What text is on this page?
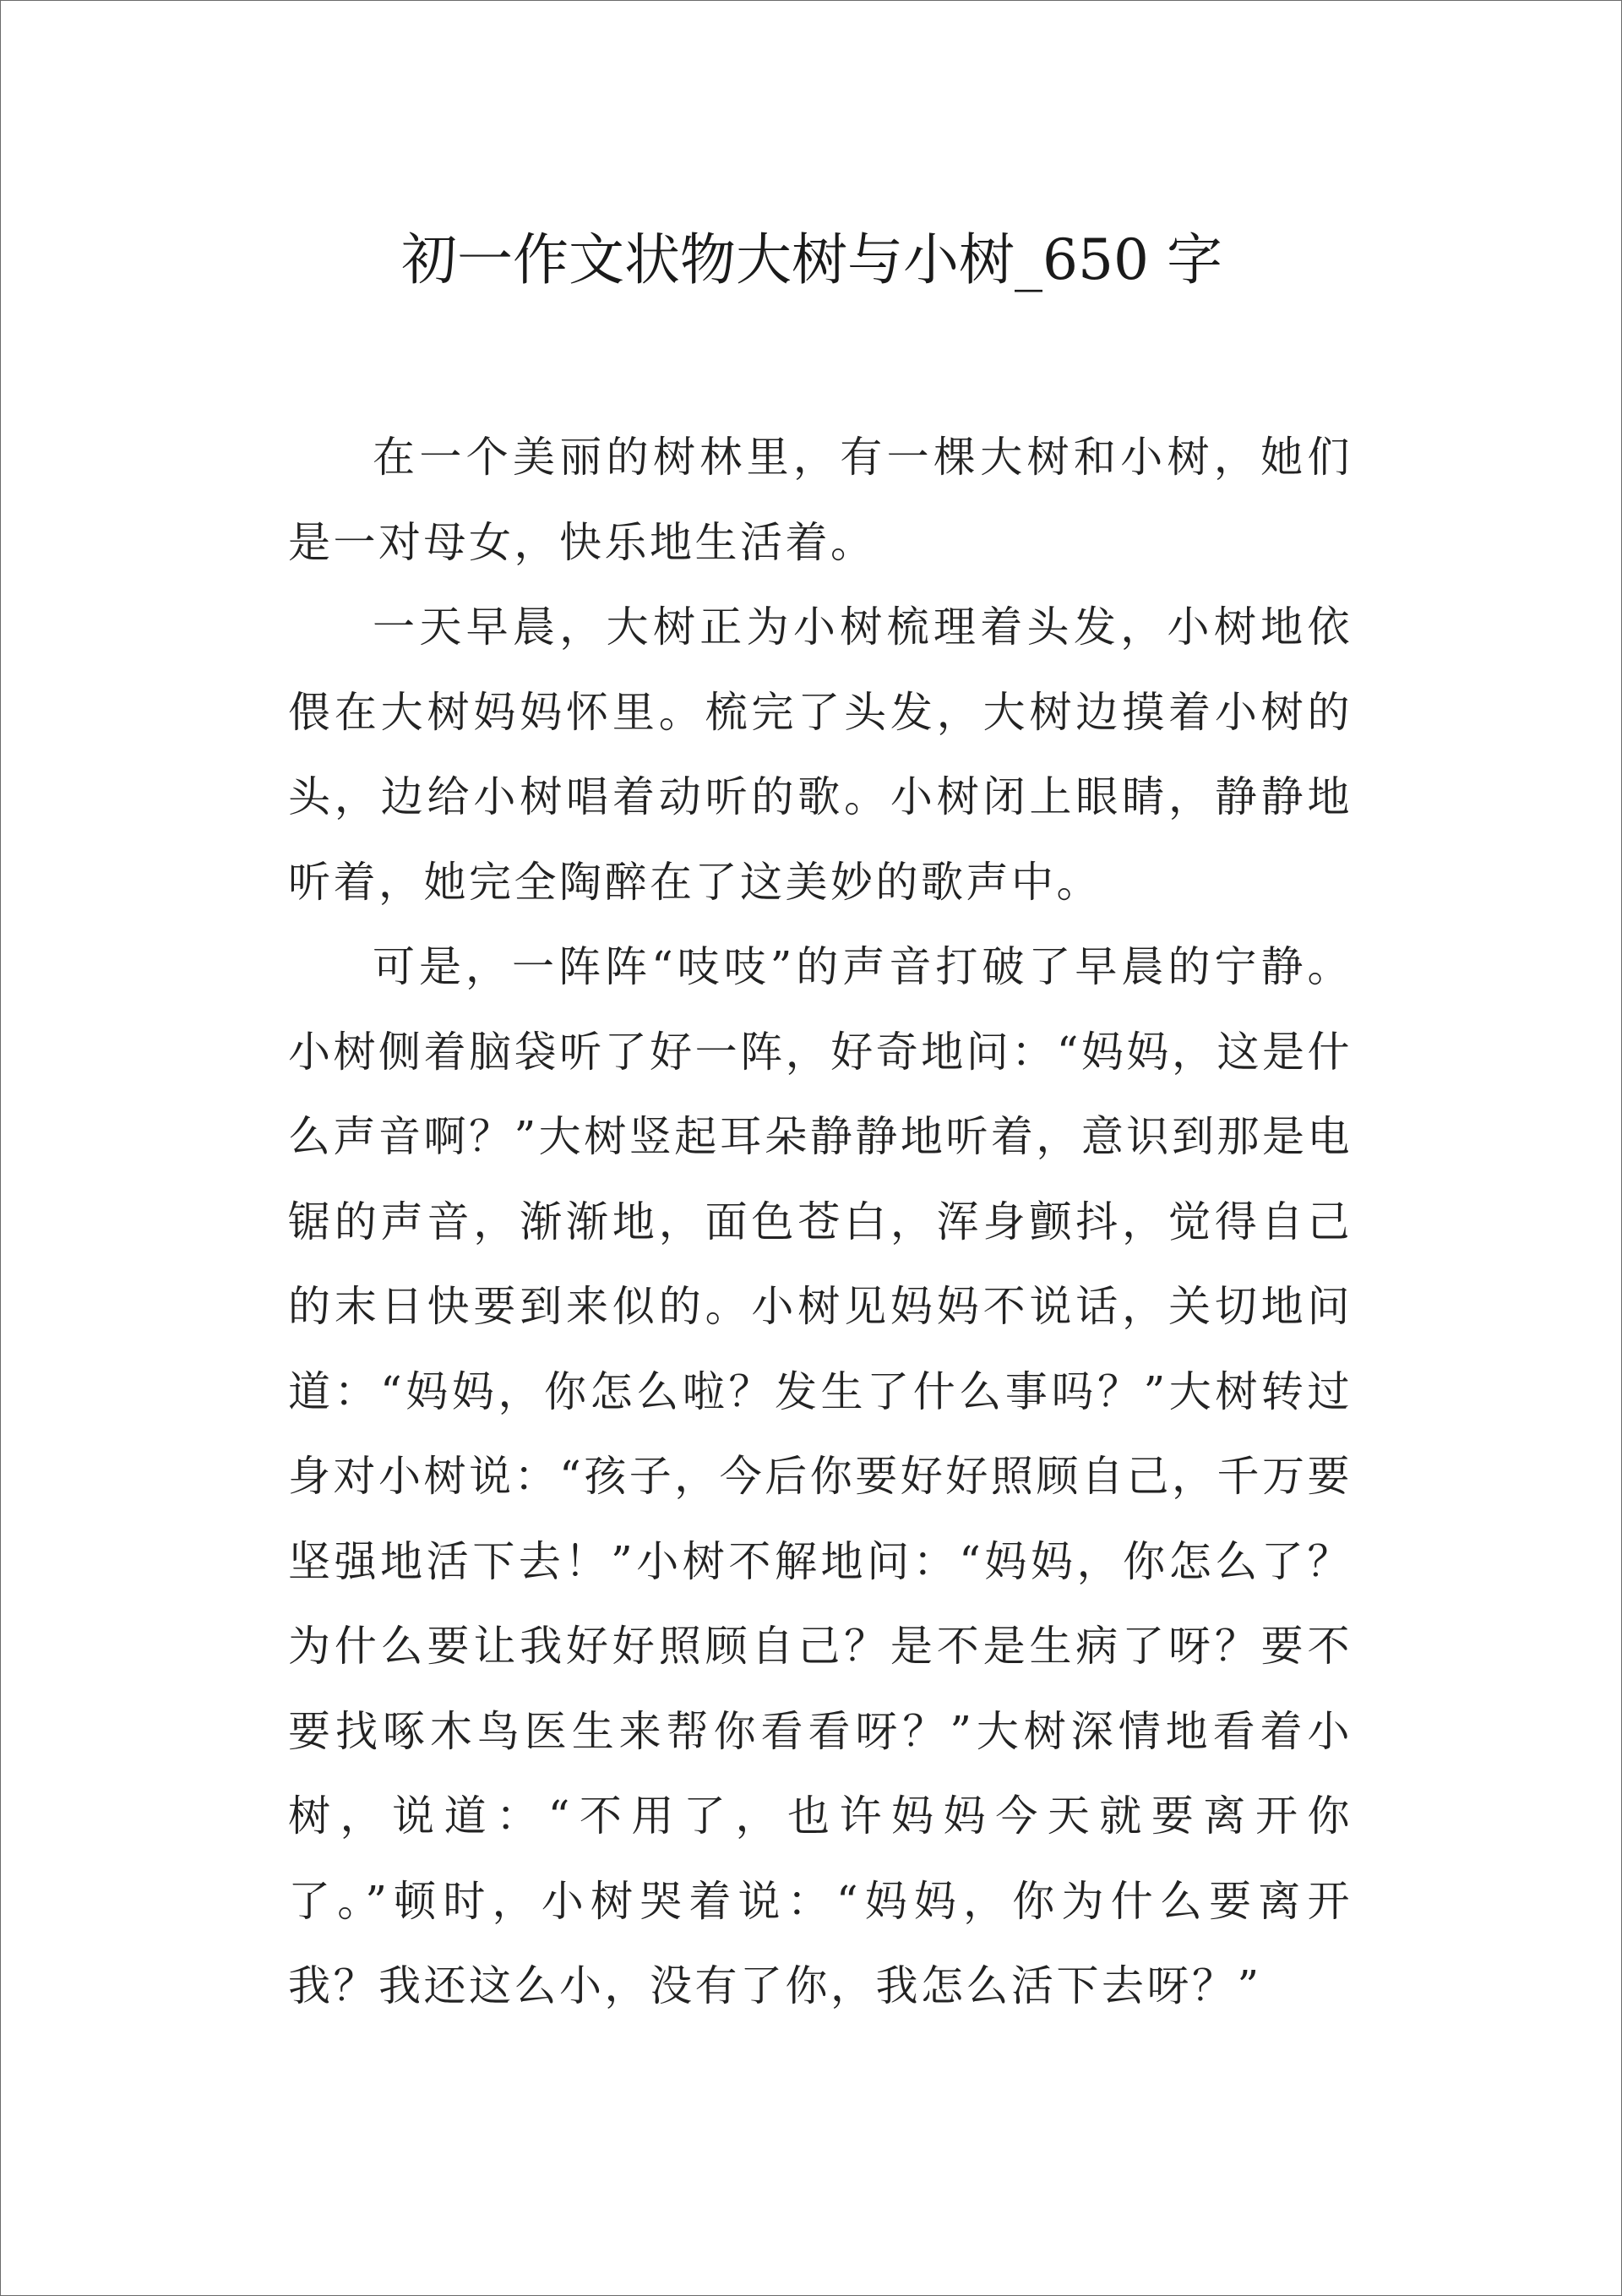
初一作文状物大树与小树_650 字

在一个美丽的树林里，有一棵大树和小树，她们是一对母女，快乐地生活着。

一天早晨，大树正为小树梳理着头发，小树地依偎在大树妈妈怀里。梳完了头发，大树边摸着小树的头，边给小树唱着动听的歌。小树闭上眼睛，静静地听着，她完全陶醉在了这美妙的歌声中。

可是，一阵阵“吱吱”的声音打破了早晨的宁静。小树侧着脑袋听了好一阵，好奇地问：“妈妈，这是什么声音啊？”大树竖起耳朵静静地听着，意识到那是电锯的声音，渐渐地，面色苍白，浑身颤抖，觉得自己的末日快要到来似的。小树见妈妈不说话，关切地问道：“妈妈，你怎么啦？发生了什么事吗？”大树转过身对小树说：“孩子，今后你要好好照顾自己，千万要坚强地活下去！”小树不解地问：“妈妈，你怎么了？为什么要让我好好照顾自己？是不是生病了呀？要不要找啄木鸟医生来帮你看看呀？”大树深情地看着小树，说道：“不用了，也许妈妈今天就要离开你了。”顿时，小树哭着说：“妈妈，你为什么要离开我？我还这么小，没有了你，我怎么活下去呀？”
